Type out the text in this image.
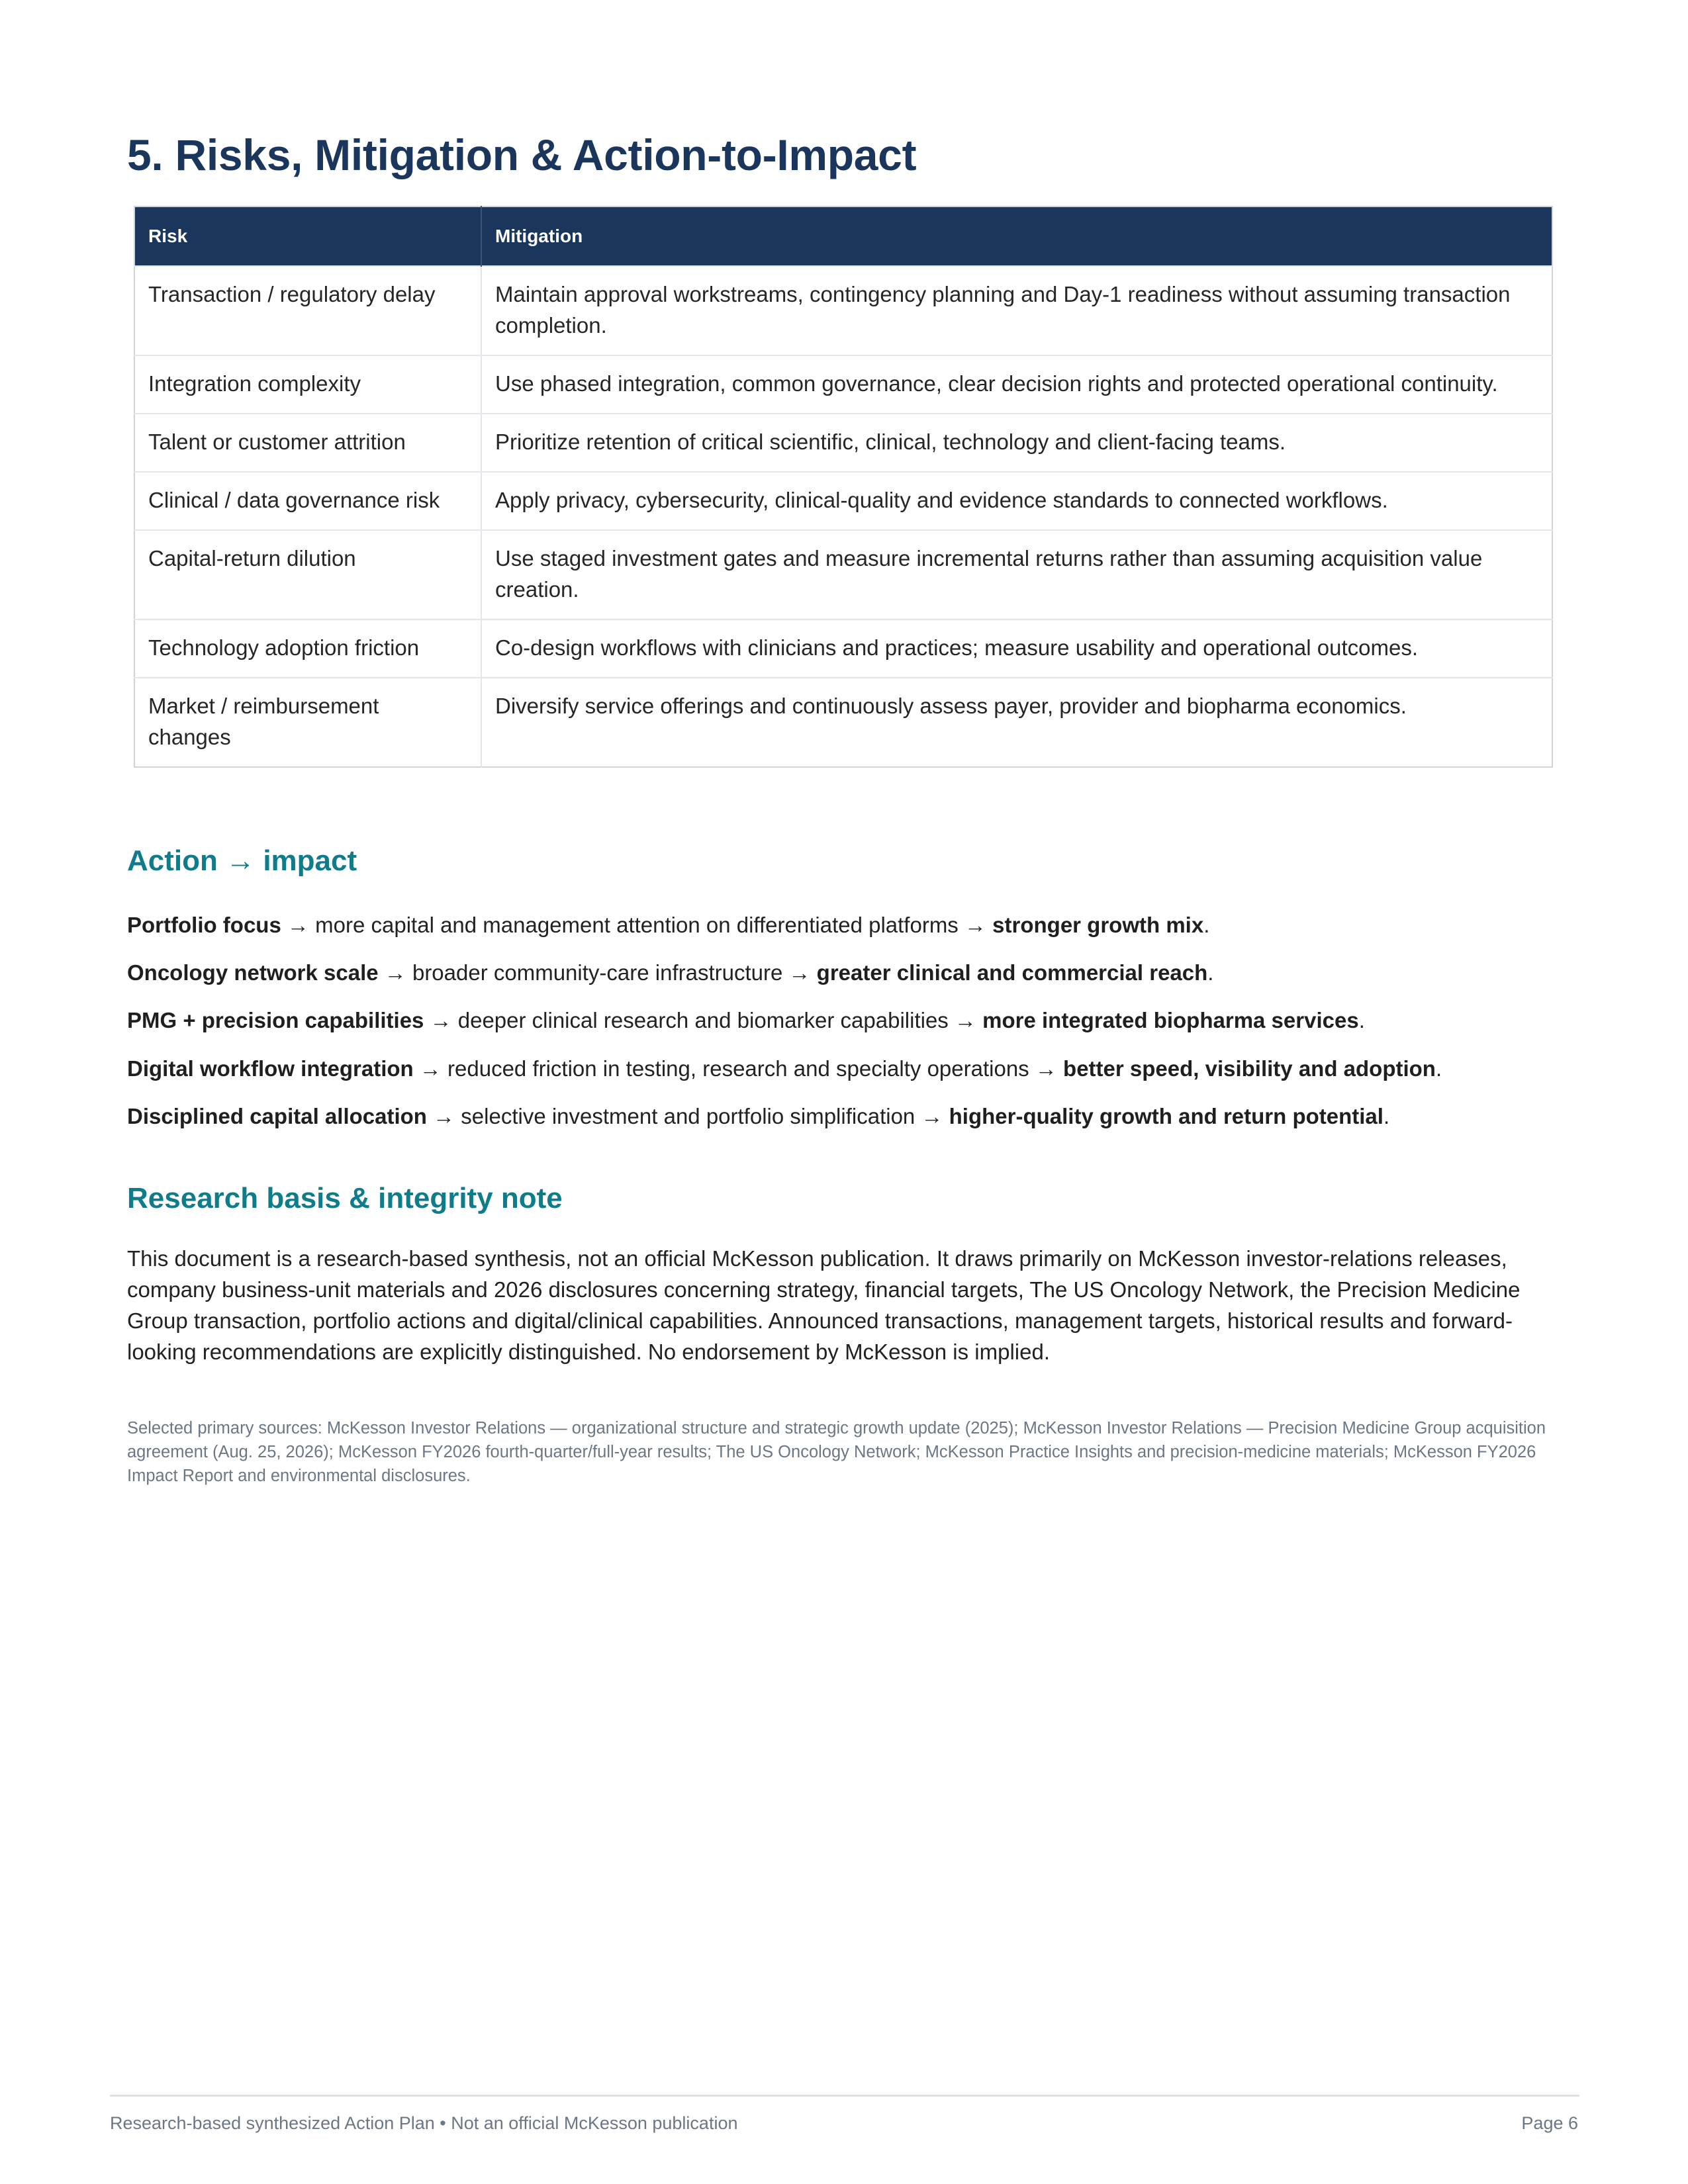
5. Risks, Mitigation & Action-to-Impact
Risk	Mitigation
Transaction / regulatory delay	Maintain approval workstreams, contingency planning and Day-1 readiness without assuming transaction completion.
Integration complexity	Use phased integration, common governance, clear decision rights and protected operational continuity.
Talent or customer attrition	Prioritize retention of critical scientific, clinical, technology and client-facing teams.
Clinical / data governance risk	Apply privacy, cybersecurity, clinical-quality and evidence standards to connected workflows.
Capital-return dilution	Use staged investment gates and measure incremental returns rather than assuming acquisition value creation.
Technology adoption friction	Co-design workflows with clinicians and practices; measure usability and operational outcomes.
Market / reimbursement changes	Diversify service offerings and continuously assess payer, provider and biopharma economics.
Action → impact

Portfolio focus → more capital and management attention on differentiated platforms → stronger growth mix.

Oncology network scale → broader community-care infrastructure → greater clinical and commercial reach.

PMG + precision capabilities → deeper clinical research and biomarker capabilities → more integrated biopharma services.

Digital workflow integration → reduced friction in testing, research and specialty operations → better speed, visibility and adoption.

Disciplined capital allocation → selective investment and portfolio simplification → higher-quality growth and return potential.

Research basis & integrity note

This document is a research-based synthesis, not an official McKesson publication. It draws primarily on McKesson investor-relations releases, company business-unit materials and 2026 disclosures concerning strategy, financial targets, The US Oncology Network, the Precision Medicine Group transaction, portfolio actions and digital/clinical capabilities. Announced transactions, management targets, historical results and forward-looking recommendations are explicitly distinguished. No endorsement by McKesson is implied.

Selected primary sources: McKesson Investor Relations — organizational structure and strategic growth update (2025); McKesson Investor Relations — Precision Medicine Group acquisition agreement (Aug. 25, 2026); McKesson FY2026 fourth-quarter/full-year results; The US Oncology Network; McKesson Practice Insights and precision-medicine materials; McKesson FY2026 Impact Report and environmental disclosures.

Research-based synthesized Action Plan • Not an official McKesson publication	Page 6
